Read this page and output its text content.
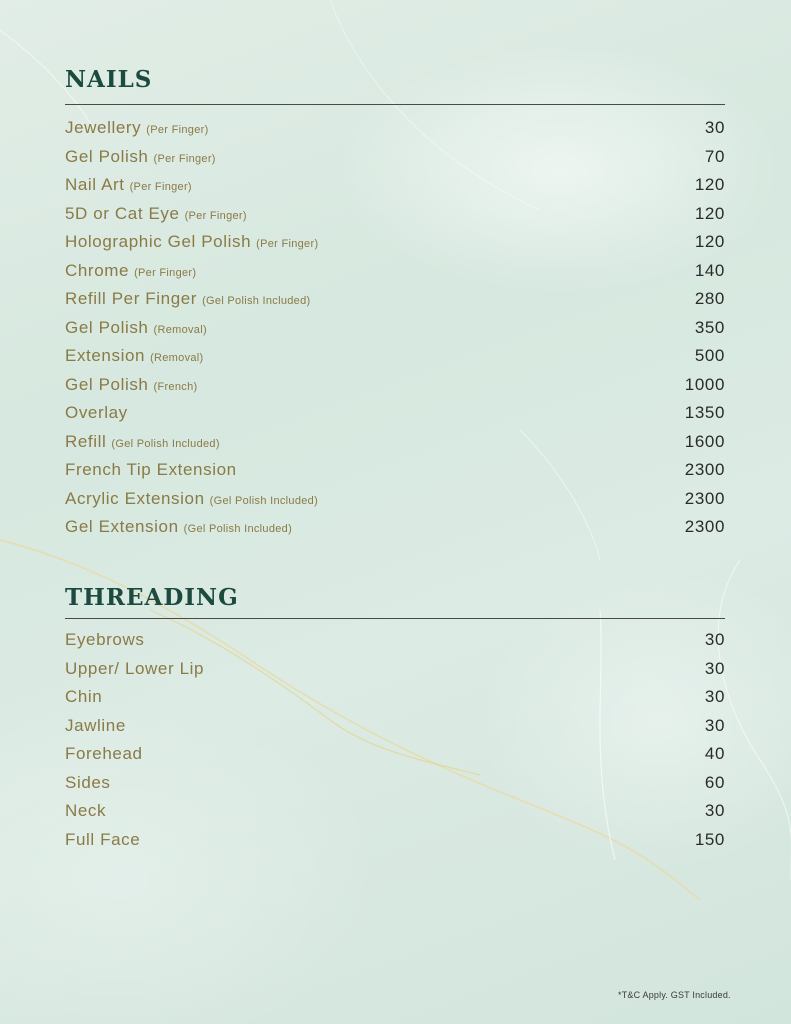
NAILS
Jewellery (Per Finger)	30
Gel Polish (Per Finger)	70
Nail Art (Per Finger)	120
5D or Cat Eye (Per Finger)	120
Holographic Gel Polish (Per Finger)	120
Chrome (Per Finger)	140
Refill Per Finger (Gel Polish Included)	280
Gel Polish (Removal)	350
Extension (Removal)	500
Gel Polish (French)	1000
Overlay	1350
Refill (Gel Polish Included)	1600
French Tip Extension	2300
Acrylic Extension (Gel Polish Included)	2300
Gel Extension (Gel Polish Included)	2300
THREADING
Eyebrows	30
Upper/ Lower Lip	30
Chin	30
Jawline	30
Forehead	40
Sides	60
Neck	30
Full Face	150
*T&C Apply. GST Included.
